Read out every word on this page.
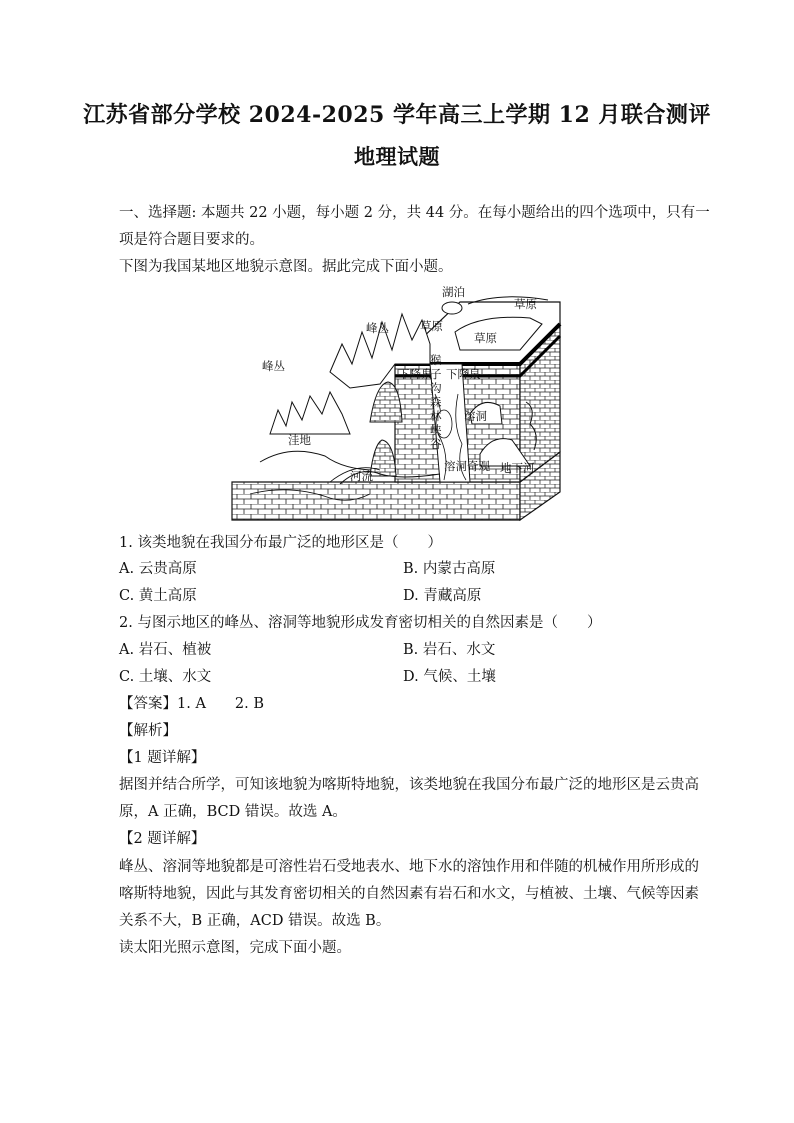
江苏省部分学校 2024-2025 学年高三上学期 12 月联合测评
地理试题
一、选择题: 本题共 22 小题，每小题 2 分，共 44 分。在每小题给出的四个选项中，只有一
项是符合题目要求的。
下图为我国某地区地貌示意图。据此完成下面小题。
湖泊
草原
草原
草原
峰丛
峰丛
下降泉 下降泉
猴
子
沟
森
林
峡
谷
溶洞
洼地
河流
溶洞奇观 地下河
1. 该类地貌在我国分布最广泛的地形区是（　　）
A. 云贵高原	B. 内蒙古高原
C. 黄土高原	D. 青藏高原
2. 与图示地区的峰丛、溶洞等地貌形成发育密切相关的自然因素是（　　）
A. 岩石、植被	B. 岩石、水文
C. 土壤、水文	D. 气候、土壤
【答案】1. A　　2. B
【解析】
【1 题详解】
据图并结合所学，可知该地貌为喀斯特地貌，该类地貌在我国分布最广泛的地形区是云贵高
原，A 正确，BCD 错误。故选 A。
【2 题详解】
峰丛、溶洞等地貌都是可溶性岩石受地表水、地下水的溶蚀作用和伴随的机械作用所形成的
喀斯特地貌，因此与其发育密切相关的自然因素有岩石和水文，与植被、土壤、气候等因素
关系不大，B 正确，ACD 错误。故选 B。
读太阳光照示意图，完成下面小题。
